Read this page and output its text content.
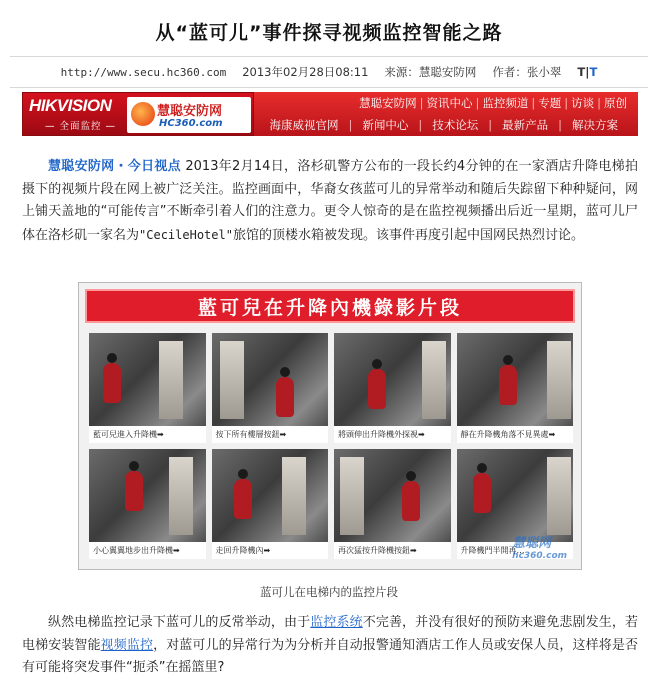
从“蓝可儿”事件探寻视频监控智能之路
http://www.secu.hc360.com 2013年02月28日08:11 来源：慧聪安防网 作者：张小翠 T|T
HIKVISION
— 全面监控 —
慧聪安防网
HC360.com
慧聪安防网 | 资讯中心 | 监控频道 | 专题 | 访谈 | 原创
海康威视官网 | 新闻中心 | 技术论坛 | 最新产品 | 解决方案

慧聪安防网・今日视点 2013年2月14日，洛杉矶警方公布的一段长约4分钟的在一家酒店升降电梯拍摄下的视频片段在网上被广泛关注。监控画面中，华裔女孩蓝可儿的异常举动和随后失踪留下种种疑问，网上铺天盖地的“可能传言”不断牵引着人们的注意力。更令人惊奇的是在监控视频播出后近一星期，蓝可儿尸体在洛杉矶一家名为"CecileHotel"旅馆的顶楼水箱被发现。该事件再度引起中国网民热烈讨论。

藍可兒在升降內機錄影片段
藍可兒進入升降機➡	按下所有樓層按鈕➡	將頭伸出升降機外探視➡	靜在升降機角落不見異處➡
小心翼翼地步出升降機➡	走回升降機內➡	再次猛按升降機按鈕➡	升降機門半開再…
慧聪网
hc360.com
蓝可儿在电梯内的监控片段

纵然电梯监控记录下蓝可儿的反常举动，由于监控系统不完善，并没有很好的预防来避免悲剧发生，若电梯安装智能视频监控，对蓝可儿的异常行为为分析并自动报警通知酒店工作人员或安保人员，这样将是否有可能将突发事件“扼杀”在摇篮里?
